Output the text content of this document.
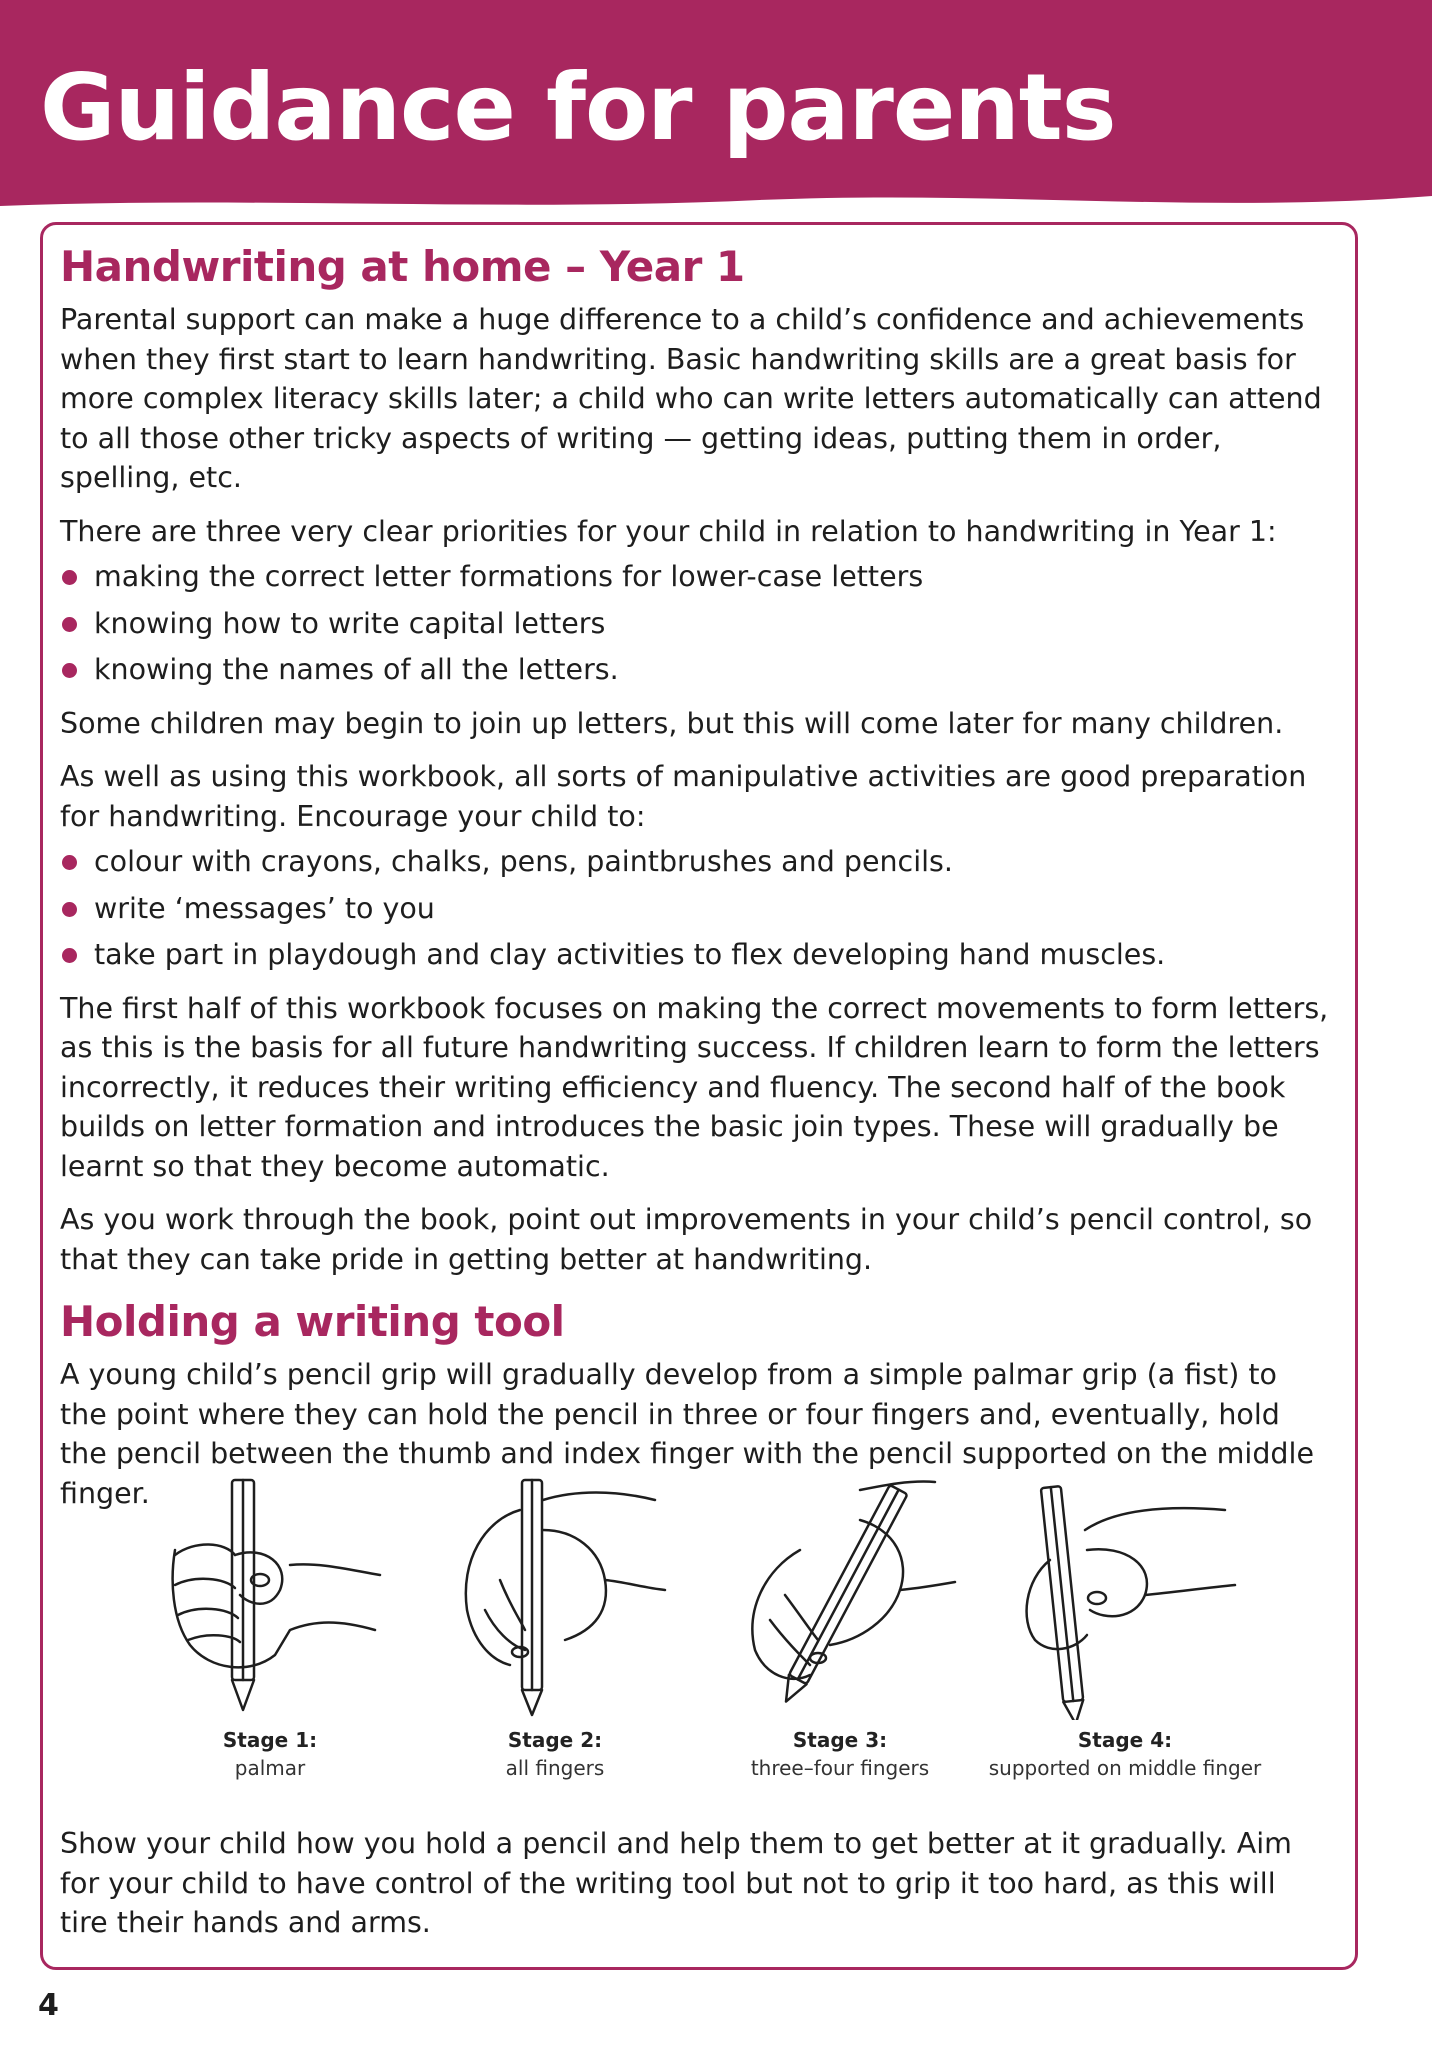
Guidance for parents
Handwriting at home – Year 1

Parental support can make a huge difference to a child’s confidence and achievements when they first start to learn handwriting. Basic handwriting skills are a great basis for more complex literacy skills later; a child who can write letters automatically can attend to all those other tricky aspects of writing — getting ideas, putting them in order, spelling, etc.

There are three very clear priorities for your child in relation to handwriting in Year 1:

making the correct letter formations for lower-case letters
knowing how to write capital letters
knowing the names of all the letters.

Some children may begin to join up letters, but this will come later for many children.

As well as using this workbook, all sorts of manipulative activities are good preparation for handwriting. Encourage your child to:

colour with crayons, chalks, pens, paintbrushes and pencils.
write ‘messages’ to you
take part in playdough and clay activities to flex developing hand muscles.

The first half of this workbook focuses on making the correct movements to form letters, as this is the basis for all future handwriting success. If children learn to form the letters incorrectly, it reduces their writing efficiency and fluency. The second half of the book builds on letter formation and introduces the basic join types. These will gradually be learnt so that they become automatic.

As you work through the book, point out improvements in your child’s pencil control, so that they can take pride in getting better at handwriting.

Holding a writing tool

A young child’s pencil grip will gradually develop from a simple palmar grip (a fist) to the point where they can hold the pencil in three or four fingers and, eventually, hold the pencil between the thumb and index finger with the pencil supported on the middle finger.

Stage 1:
palmar
Stage 2:
all fingers
Stage 3:
three–four fingers
Stage 4:
supported on middle finger

Show your child how you hold a pencil and help them to get better at it gradually. Aim for your child to have control of the writing tool but not to grip it too hard, as this will tire their hands and arms.

4
